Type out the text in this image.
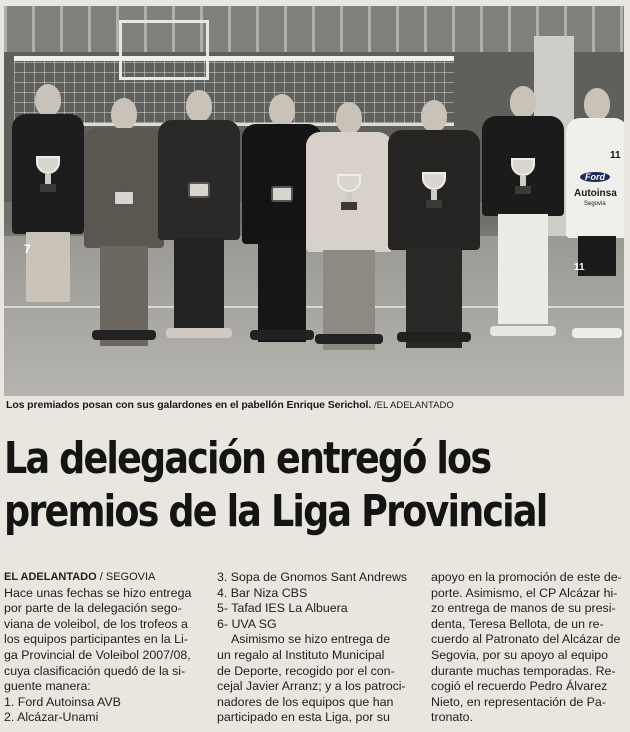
7
Ford
Autoinsa
Segovia
11
11
Los premiados posan con sus galardones en el pabellón Enrique Serichol. /EL ADELANTADO
La delegación entregó los
premios de la Liga Provincial
EL ADELANTADO / SEGOVIA
Hace unas fechas se hizo entrega
por parte de la delegación sego-
viana de voleibol, de los trofeos a
los equipos participantes en la Li-
ga Provincial de Voleibol 2007/08,
cuya clasificación quedó de la si-
guente manera:
1. Ford Autoinsa AVB
2. Alcázar-Unami
3. Sopa de Gnomos Sant Andrews
4. Bar Niza CBS
5- Tafad IES La Albuera
6- UVA SG
Asimismo se hizo entrega de
un regalo al Instituto Municipal
de Deporte, recogido por el con-
cejal Javier Arranz; y a los patroci-
nadores de los equipos que han
participado en esta Liga, por su
apoyo en la promoción de este de-
porte. Asimismo, el CP Alcázar hi-
zo entrega de manos de su presi-
denta, Teresa Bellota, de un re-
cuerdo al Patronato del Alcázar de
Segovia, por su apoyo al equipo
durante muchas temporadas. Re-
cogió el recuerdo Pedro Álvarez
Nieto, en representación de Pa-
tronato.
